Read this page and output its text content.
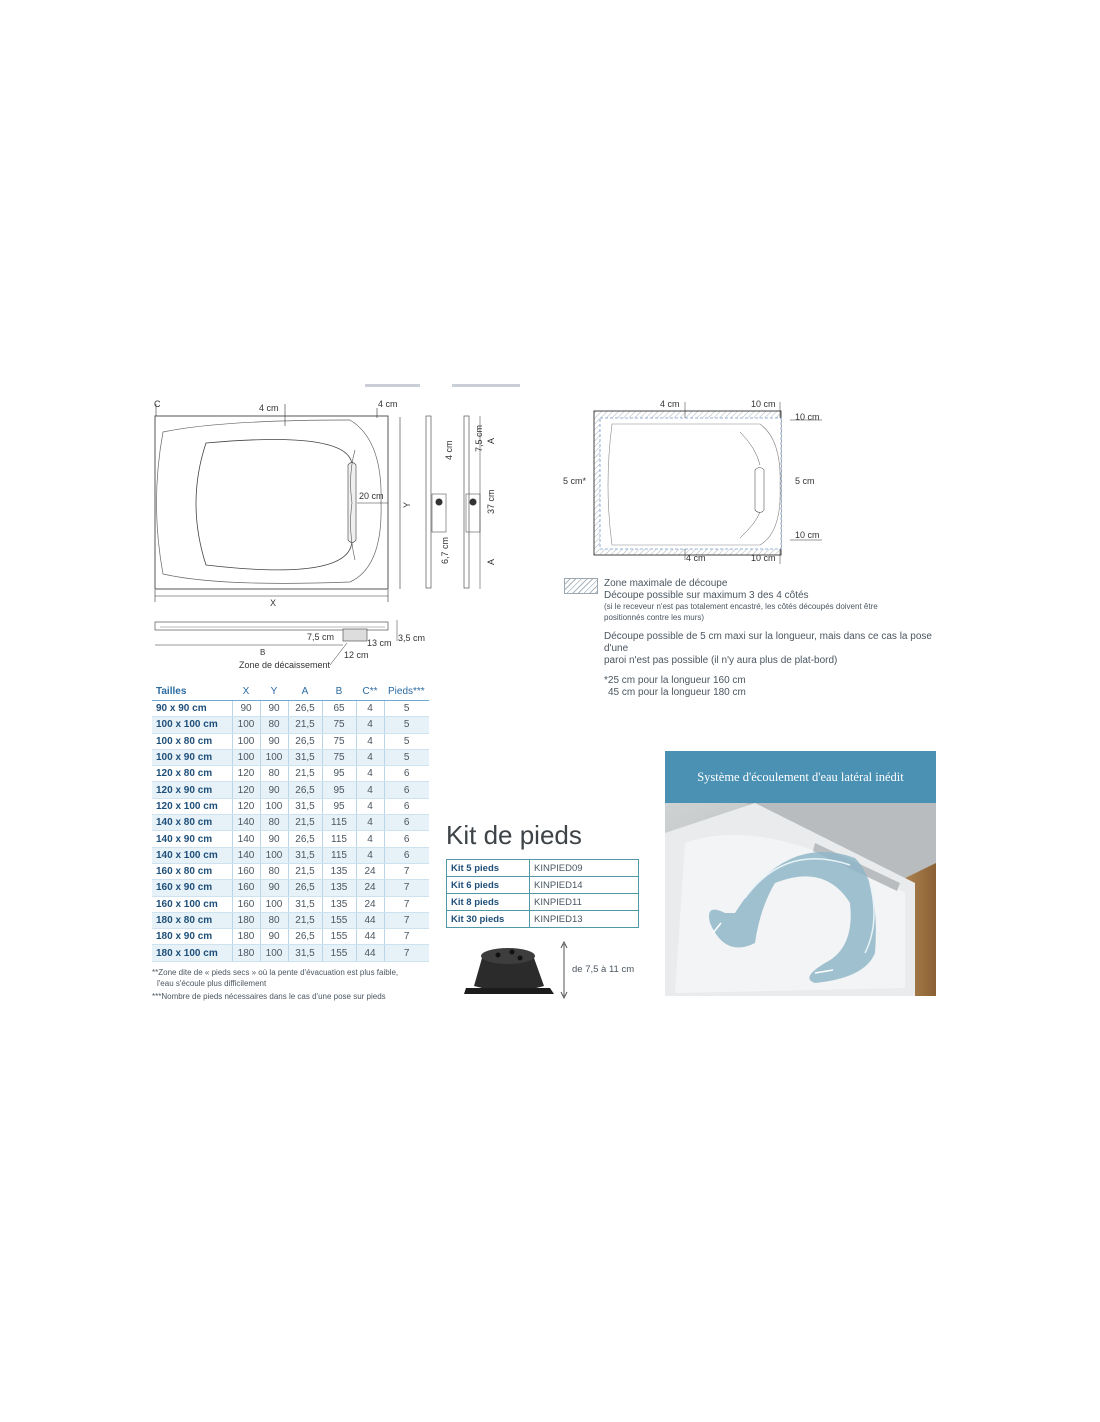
C	4 cm	4 cm
20 cm
X
Y
4 cm
6,7 cm
7,5 cm
37 cm
A
A
7,5 cm	3,5 cm
13 cm
12 cm
B
Zone de décaissement
4 cm	10 cm
10 cm
5 cm*	5 cm
10 cm
4 cm	10 cm

Zone maximale de découpe

Découpe possible sur maximum 3 des 4 côtés

(si le receveur n'est pas totalement encastré, les côtés découpés doivent être

positionnés contre les murs)

Découpe possible de 5 cm maxi sur la longueur, mais dans ce cas la pose d'une

paroi n'est pas possible (il n'y aura plus de plat-bord)

*25 cm pour la longueur 160 cm

45 cm pour la longueur 180 cm

Tailles	X	Y	A	B	C**	Pieds***
90 x 90 cm	90	90	26,5	65	4	5
100 x 100 cm	100	80	21,5	75	4	5
100 x 80 cm	100	90	26,5	75	4	5
100 x 90 cm	100	100	31,5	75	4	5
120 x 80 cm	120	80	21,5	95	4	6
120 x 90 cm	120	90	26,5	95	4	6
120 x 100 cm	120	100	31,5	95	4	6
140 x 80 cm	140	80	21,5	115	4	6
140 x 90 cm	140	90	26,5	115	4	6
140 x 100 cm	140	100	31,5	115	4	6
160 x 80 cm	160	80	21,5	135	24	7
160 x 90 cm	160	90	26,5	135	24	7
160 x 100 cm	160	100	31,5	135	24	7
180 x 80 cm	180	80	21,5	155	44	7
180 x 90 cm	180	90	26,5	155	44	7
180 x 100 cm	180	100	31,5	155	44	7
**Zone dite de « pieds secs » où la pente d'évacuation est plus faible,
l'eau s'écoule plus difficilement
***Nombre de pieds nécessaires dans le cas d'une pose sur pieds
Kit de pieds
Kit 5 pieds	KINPIED09
Kit 6 pieds	KINPIED14
Kit 8 pieds	KINPIED11
Kit 30 pieds	KINPIED13
de 7,5 à 11 cm
Système d'écoulement d'eau latéral inédit
